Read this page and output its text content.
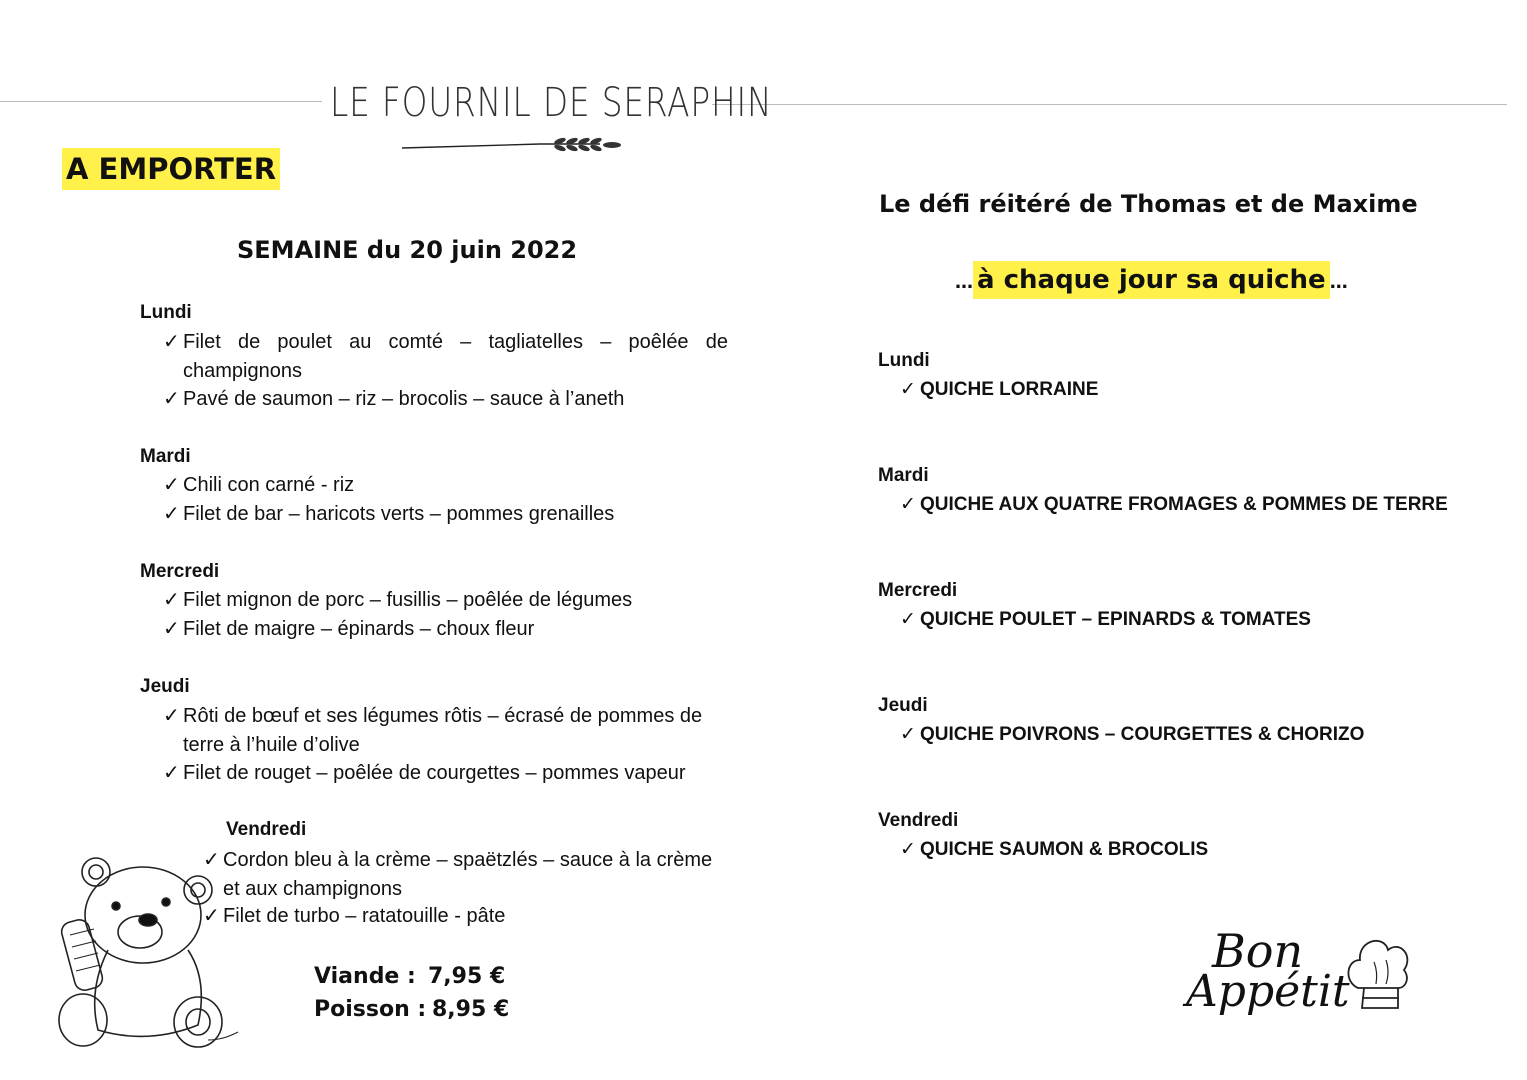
LE FOURNIL DE SERAPHIN
A EMPORTER
SEMAINE du 20 juin 2022
Lundi
✓ Filet de poulet au comté – tagliatelles – poêlée de champignons
✓ Pavé de saumon – riz – brocolis – sauce à l’aneth
Mardi
✓ Chili con carné - riz
✓ Filet de bar – haricots verts – pommes grenailles
Mercredi
✓ Filet mignon de porc – fusillis – poêlée de légumes
✓ Filet de maigre – épinards – choux fleur
Jeudi
✓ Rôti de bœuf et ses légumes rôtis – écrasé de pommes de terre à l’huile d’olive
✓ Filet de rouget – poêlée de courgettes – pommes vapeur
Vendredi
✓ Cordon bleu à la crème – spaëtzlés – sauce à la crème et aux champignons
✓ Filet de turbo – ratatouille - pâte
Viande : 7,95 €
Poisson : 8,95 €
Le défi réitéré de Thomas et de Maxime
… à chaque jour sa quiche …
Lundi
✓ QUICHE LORRAINE
Mardi
✓ QUICHE AUX QUATRE FROMAGES & POMMES DE TERRE
Mercredi
✓ QUICHE POULET – EPINARDS & TOMATES
Jeudi
✓ QUICHE POIVRONS – COURGETTES & CHORIZO
Vendredi
✓ QUICHE SAUMON & BROCOLIS
Bon
Appétit
